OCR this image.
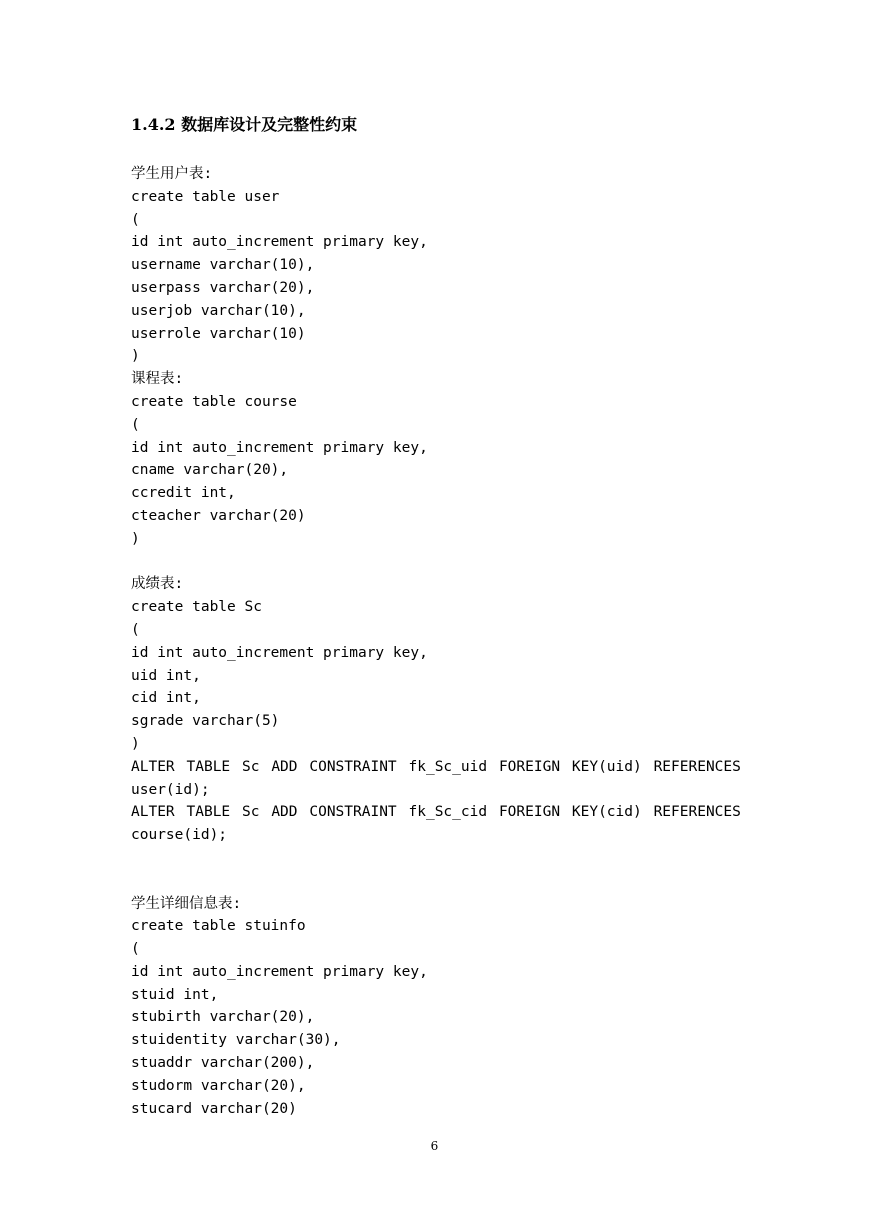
1.4.2 数据库设计及完整性约束
学生用户表:
create table user
(
id int auto_increment primary key,
username varchar(10),
userpass varchar(20),
userjob varchar(10),
userrole varchar(10)
)
课程表:
create table course
(
id int auto_increment primary key,
cname varchar(20),
ccredit int,
cteacher varchar(20)
)
成绩表:
create table Sc
(
id int auto_increment primary key,
uid int,
cid int,
sgrade varchar(5)
)
ALTER TABLE Sc ADD CONSTRAINT fk_Sc_uid FOREIGN KEY(uid) REFERENCES
user(id);
ALTER TABLE Sc ADD CONSTRAINT fk_Sc_cid FOREIGN KEY(cid) REFERENCES
course(id);
学生详细信息表:
create table stuinfo
(
id int auto_increment primary key,
stuid int,
stubirth varchar(20),
stuidentity varchar(30),
stuaddr varchar(200),
studorm varchar(20),
stucard varchar(20)
6
